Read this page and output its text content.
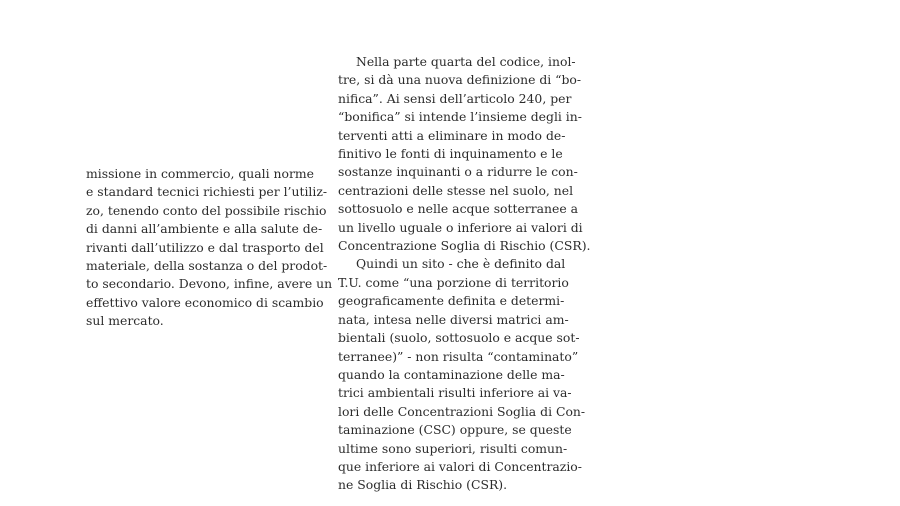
missione in commercio, quali norme
e standard tecnici richiesti per l’utiliz-
zo, tenendo conto del possibile rischio
di danni all’ambiente e alla salute de-
rivanti dall’utilizzo e dal trasporto del
materiale, della sostanza o del prodot-
to secondario. Devono, infine, avere un
effettivo valore economico di scambio
sul mercato.
Nella parte quarta del codice, inol-
tre, si dà una nuova definizione di “bo-
nifica”. Ai sensi dell’articolo 240, per
“bonifica” si intende l’insieme degli in-
terventi atti a eliminare in modo de-
finitivo le fonti di inquinamento e le
sostanze inquinanti o a ridurre le con-
centrazioni delle stesse nel suolo, nel
sottosuolo e nelle acque sotterranee a
un livello uguale o inferiore ai valori di
Concentrazione Soglia di Rischio (CSR).
Quindi un sito - che è definito dal
T.U. come “una porzione di territorio
geograficamente definita e determi-
nata, intesa nelle diversi matrici am-
bientali (suolo, sottosuolo e acque sot-
terranee)” - non risulta “contaminato”
quando la contaminazione delle ma-
trici ambientali risulti inferiore ai va-
lori delle Concentrazioni Soglia di Con-
taminazione (CSC) oppure, se queste
ultime sono superiori, risulti comun-
que inferiore ai valori di Concentrazio-
ne Soglia di Rischio (CSR).
